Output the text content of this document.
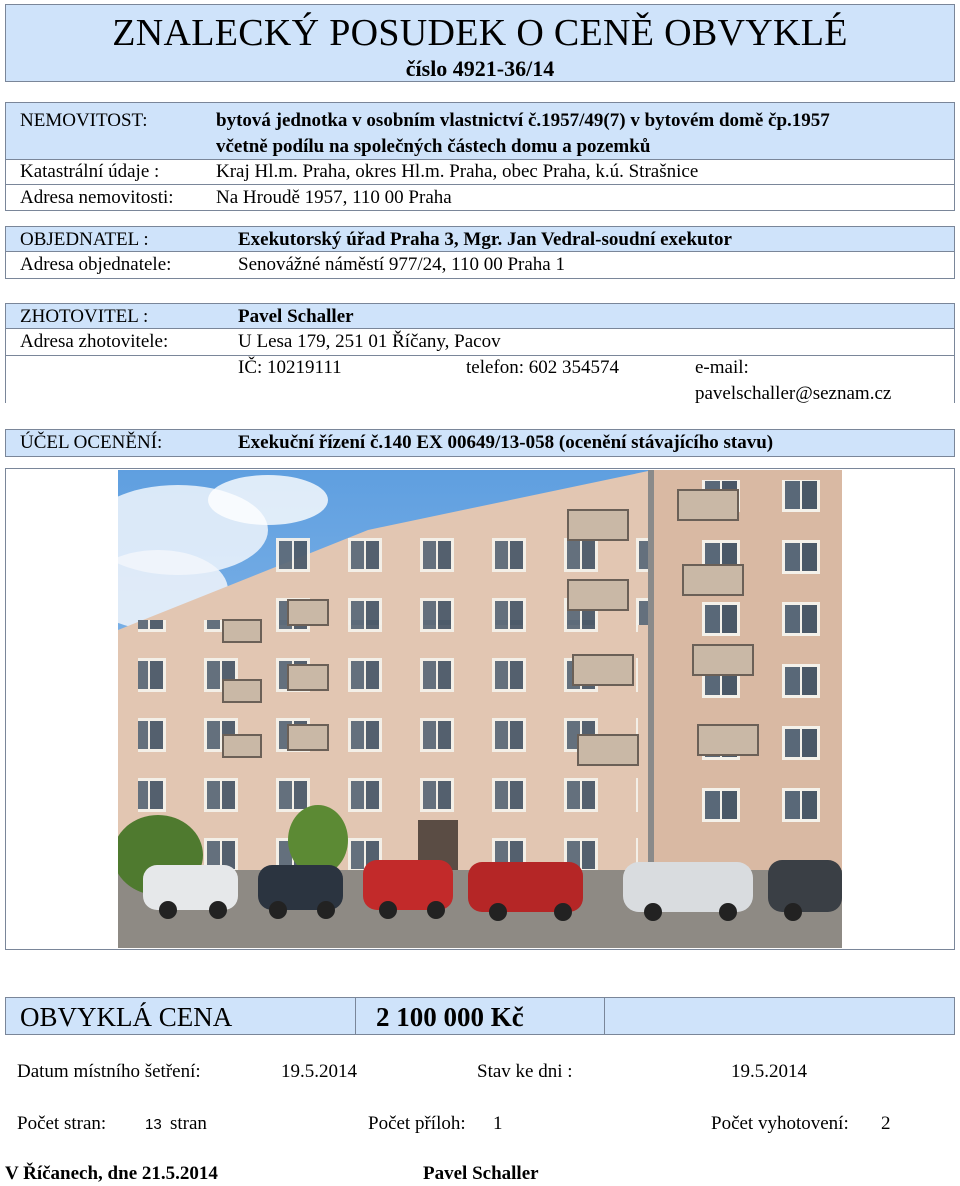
ZNALECKÝ POSUDEK O CENĚ OBVYKLÉ
číslo 4921-36/14
NEMOVITOST:	bytová jednotka v osobním vlastnictví č.1957/49(7) v bytovém domě čp.1957
včetně podílu na společných částech domu a pozemků
Katastrální údaje :	Kraj Hl.m. Praha, okres Hl.m. Praha, obec Praha, k.ú. Strašnice
Adresa nemovitosti: Na Hroudě 1957, 110 00 Praha
OBJEDNATEL :	Exekutorský úřad Praha 3, Mgr. Jan Vedral-soudní exekutor
Adresa objednatele:	Senovážné náměstí 977/24, 110 00 Praha 1
ZHOTOVITEL :	Pavel Schaller
Adresa zhotovitele:	U Lesa 179, 251 01 Říčany, Pacov
IČ: 10219111	telefon: 602 354574	e-mail:
pavelschaller@seznam.cz
ÚČEL OCENĚNÍ:	Exekuční řízení č.140 EX 00649/13-058 (ocenění stávajícího stavu)
OBVYKLÁ CENA	2 100 000 Kč
Datum místního šetření:	19.5.2014	Stav ke dni :	19.5.2014
Počet stran:	13 stran	Počet příloh: 1	Počet vyhotovení: 2
V Říčanech, dne 21.5.2014	Pavel Schaller
